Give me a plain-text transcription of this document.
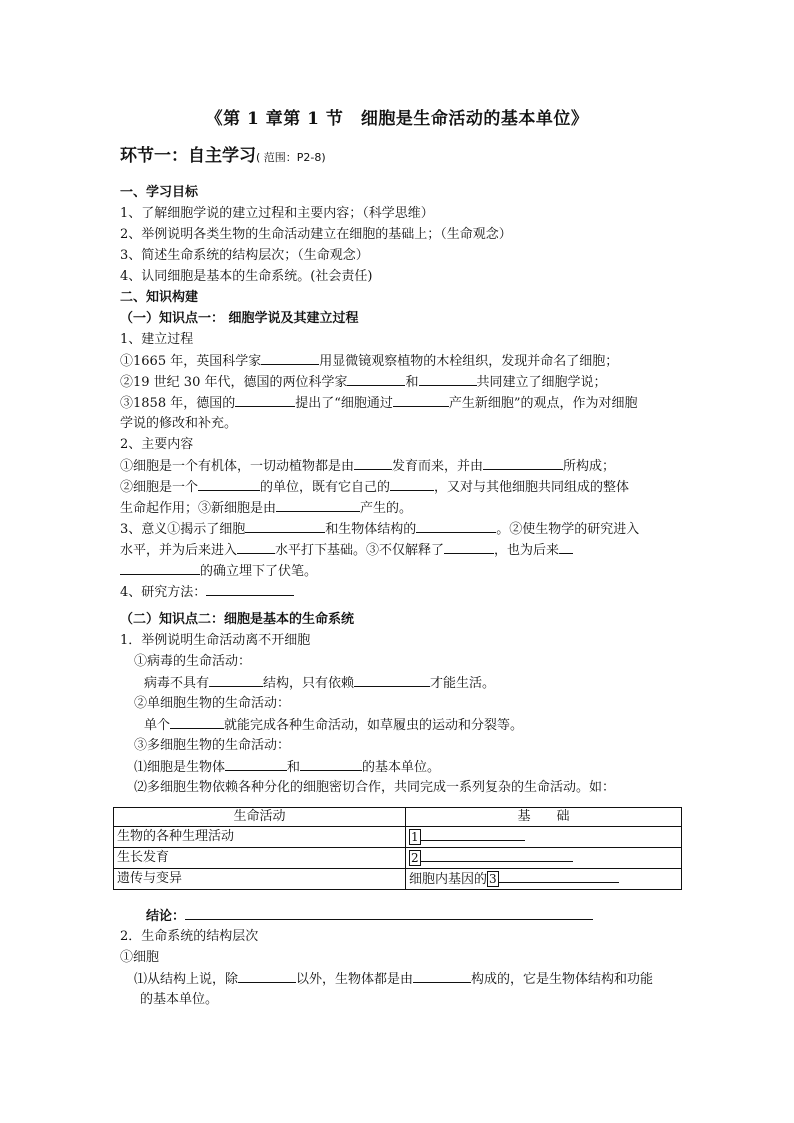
《第 1 章第 1 节　细胞是生命活动的基本单位》
环节一：自主学习( 范围：P2-8)
一、学习目标
1、了解细胞学说的建立过程和主要内容；（科学思维）
2、举例说明各类生物的生命活动建立在细胞的基础上；（生命观念）
3、简述生命系统的结构层次；（生命观念）
4、认同细胞是基本的生命系统。(社会责任)
二、知识构建
（一）知识点一： 细胞学说及其建立过程
1、建立过程
①1665 年，英国科学家	用显微镜观察植物的木栓组织，发现并命名了细胞；
②19 世纪 30 年代，德国的两位科学家	和	共同建立了细胞学说；
③1858 年，德国的	提出了“细胞通过	产生新细胞”的观点，作为对细胞
学说的修改和补充。
2、主要内容
①细胞是一个有机体，一切动植物都是由	发育而来，并由	所构成；
②细胞是一个	的单位，既有它自己的	，又对与其他细胞共同组成的整体
生命起作用；③新细胞是由	产生的。
3、意义①揭示了细胞	和生物体结构的	。②使生物学的研究进入
水平，并为后来进入	水平打下基础。③不仅解释了	，也为后来
的确立埋下了伏笔。
4、研究方法：
（二）知识点二：细胞是基本的生命系统
1．举例说明生命活动离不开细胞
①病毒的生命活动：
病毒不具有	结构，只有依赖	才能生活。
②单细胞生物的生命活动：
单个	就能完成各种生命活动，如草履虫的运动和分裂等。
③多细胞生物的生命活动：
⑴细胞是生物体	和	的基本单位。
⑵多细胞生物依赖各种分化的细胞密切合作，共同完成一系列复杂的生命活动。如：
生命活动	基　　础
生物的各种生理活动	1
生长发育	2
遗传与变异	细胞内基因的 3
结论：
2．生命系统的结构层次
①细胞
⑴从结构上说，除	以外，生物体都是由	构成的，它是生物体结构和功能
的基本单位。
